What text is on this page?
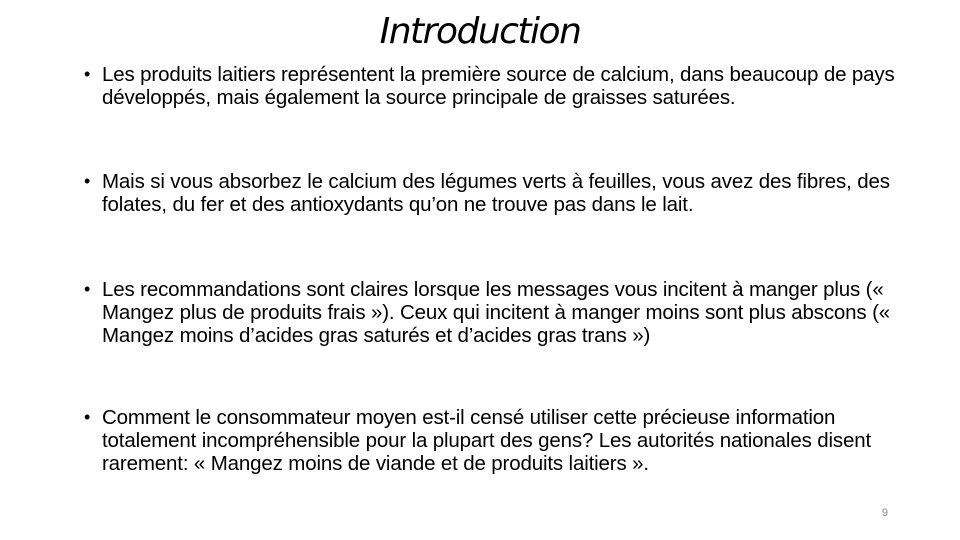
Introduction
• Les produits laitiers représentent la première source de calcium, dans beaucoup de pays développés, mais également la source principale de graisses saturées.
• Mais si vous absorbez le calcium des légumes verts à feuilles, vous avez des fibres, des folates, du fer et des antioxydants qu’on ne trouve pas dans le lait.
• Les recommandations sont claires lorsque les messages vous incitent à manger plus (« Mangez plus de produits frais »). Ceux qui incitent à manger moins sont plus abscons (« Mangez moins d’acides gras saturés et d’acides gras trans »)
• Comment le consommateur moyen est-il censé utiliser cette précieuse information totalement incompréhensible pour la plupart des gens? Les autorités nationales disent rarement: « Mangez moins de viande et de produits laitiers ».
9
